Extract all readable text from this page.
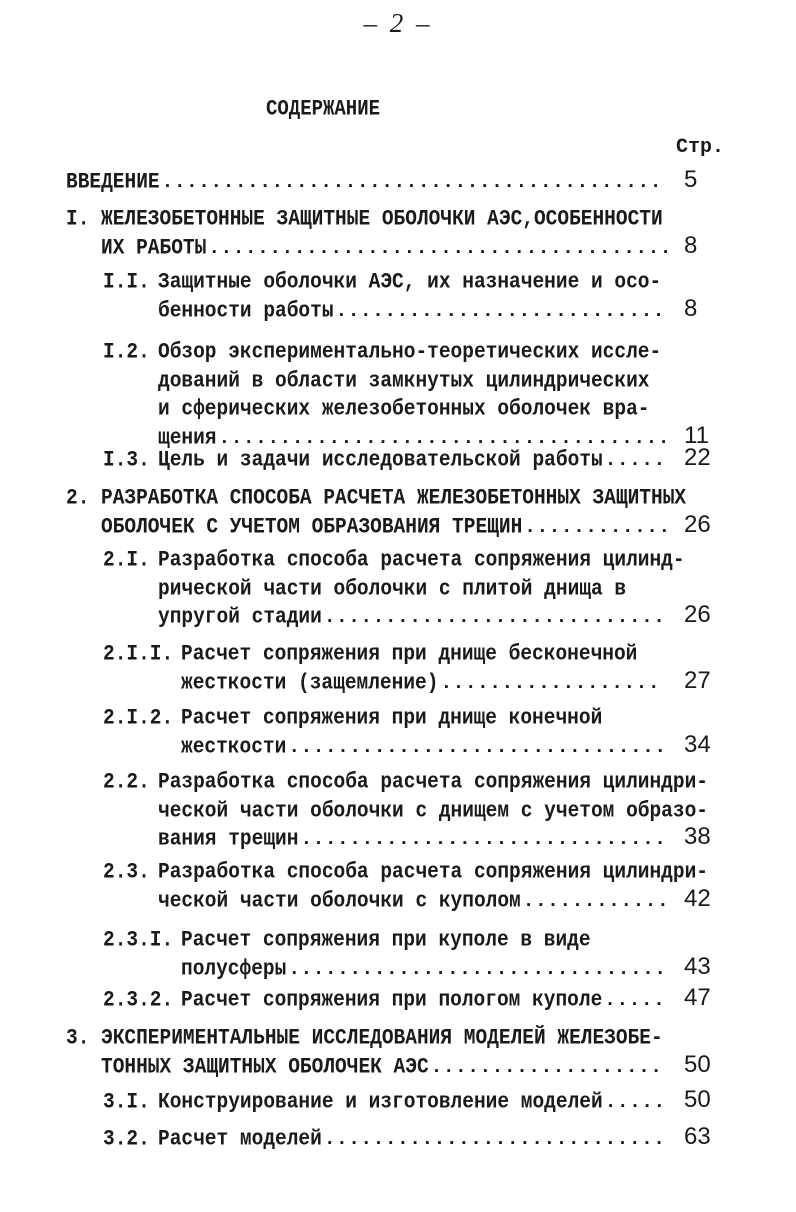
– 2 –
СОДЕРЖАНИЕ
Стр.
ВВЕДЕНИЕ ......................................... 5
I. ЖЕЛЕЗОБЕТОННЫЕ ЗАЩИТНЫЕ ОБОЛОЧКИ АЭС,ОСОБЕННОСТИ
ИХ РАБОТЫ ...................................... 8
I.I. Защитные оболочки АЭС, их назначение и осо-
бенности работы ........................... 8
I.2. Обзор экспериментально-теоретических иссле-
дований в области замкнутых цилиндрических
и сферических железобетонных оболочек вра-
щения ..................................... 11
I.3. Цель и задачи исследовательской работы ..... 22
2. РАЗРАБОТКА СПОСОБА РАСЧЕТА ЖЕЛЕЗОБЕТОННЫХ ЗАЩИТНЫХ
ОБОЛОЧЕК С УЧЕТОМ ОБРАЗОВАНИЯ ТРЕЩИН ............ 26
2.I. Разработка способа расчета сопряжения цилинд-
рической части оболочки с плитой днища в
упругой стадии ............................ 26
2.I.I. Расчет сопряжения при днище бесконечной
жесткости (защемление) .................. 27
2.I.2. Расчет сопряжения при днище конечной
жесткости ............................... 34
2.2. Разработка способа расчета сопряжения цилиндри-
ческой части оболочки с днищем с учетом образо-
вания трещин .............................. 38
2.3. Разработка способа расчета сопряжения цилиндри-
ческой части оболочки с куполом ............ 42
2.3.I. Расчет сопряжения при куполе в виде
полусферы ............................... 43
2.3.2. Расчет сопряжения при пологом куполе ..... 47
3. ЭКСПЕРИМЕНТАЛЬНЫЕ ИССЛЕДОВАНИЯ МОДЕЛЕЙ ЖЕЛЕЗОБЕ-
ТОННЫХ ЗАЩИТНЫХ ОБОЛОЧЕК АЭС ................... 50
3.I. Конструирование и изготовление моделей ..... 50
3.2. Расчет моделей ............................ 63
